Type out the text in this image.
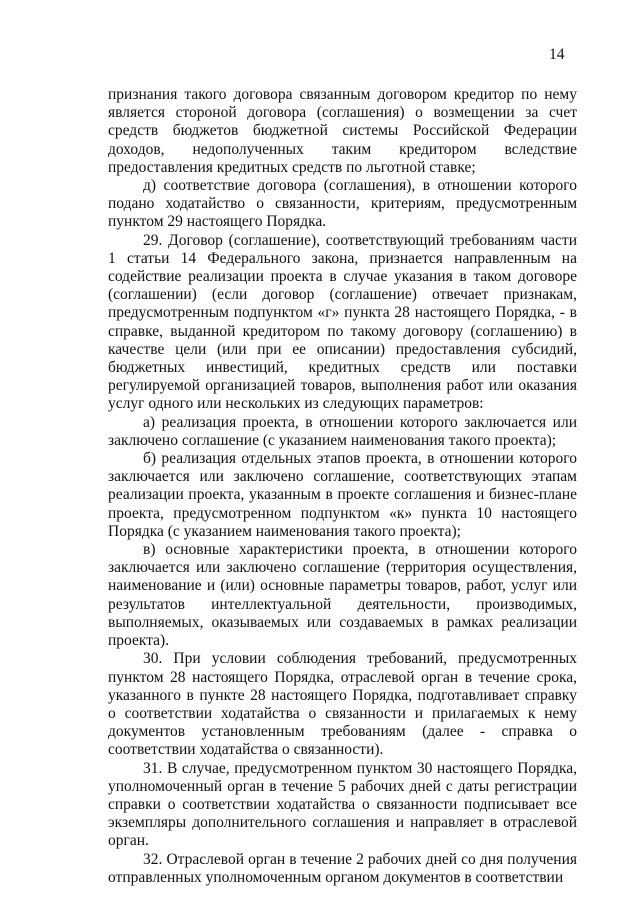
14

признания такого договора связанным договором кредитор по нему является стороной договора (соглашения) о возмещении за счет средств бюджетов бюджетной системы Российской Федерации доходов, недополученных таким кредитором вследствие предоставления кредитных средств по льготной ставке;

д) соответствие договора (соглашения), в отношении которого подано ходатайство о связанности, критериям, предусмотренным пунктом 29 настоящего Порядка.

29. Договор (соглашение), соответствующий требованиям части 1 статьи 14 Федерального закона, признается направленным на содействие реализации проекта в случае указания в таком договоре (соглашении) (если договор (соглашение) отвечает признакам, предусмотренным подпунктом «г» пункта 28 настоящего Порядка, - в справке, выданной кредитором по такому договору (соглашению) в качестве цели (или при ее описании) предоставления субсидий, бюджетных инвестиций, кредитных средств или поставки регулируемой организацией товаров, выполнения работ или оказания услуг одного или нескольких из следующих параметров:

а) реализация проекта, в отношении которого заключается или заключено соглашение (с указанием наименования такого проекта);

б) реализация отдельных этапов проекта, в отношении которого заключается или заключено соглашение, соответствующих этапам реализации проекта, указанным в проекте соглашения и бизнес-плане проекта, предусмотренном подпунктом «к» пункта 10 настоящего Порядка (с указанием наименования такого проекта);

в) основные характеристики проекта, в отношении которого заключается или заключено соглашение (территория осуществления, наименование и (или) основные параметры товаров, работ, услуг или результатов интеллектуальной деятельности, производимых, выполняемых, оказываемых или создаваемых в рамках реализации проекта).

30. При условии соблюдения требований, предусмотренных пунктом 28 настоящего Порядка, отраслевой орган в течение срока, указанного в пункте 28 настоящего Порядка, подготавливает справку о соответствии ходатайства о связанности и прилагаемых к нему документов установленным требованиям (далее - справка о соответствии ходатайства о связанности).

31. В случае, предусмотренном пунктом 30 настоящего Порядка, уполномоченный орган в течение 5 рабочих дней с даты регистрации справки о соответствии ходатайства о связанности подписывает все экземпляры дополнительного соглашения и направляет в отраслевой орган.

32. Отраслевой орган в течение 2 рабочих дней со дня получения отправленных уполномоченным органом документов в соответствии
